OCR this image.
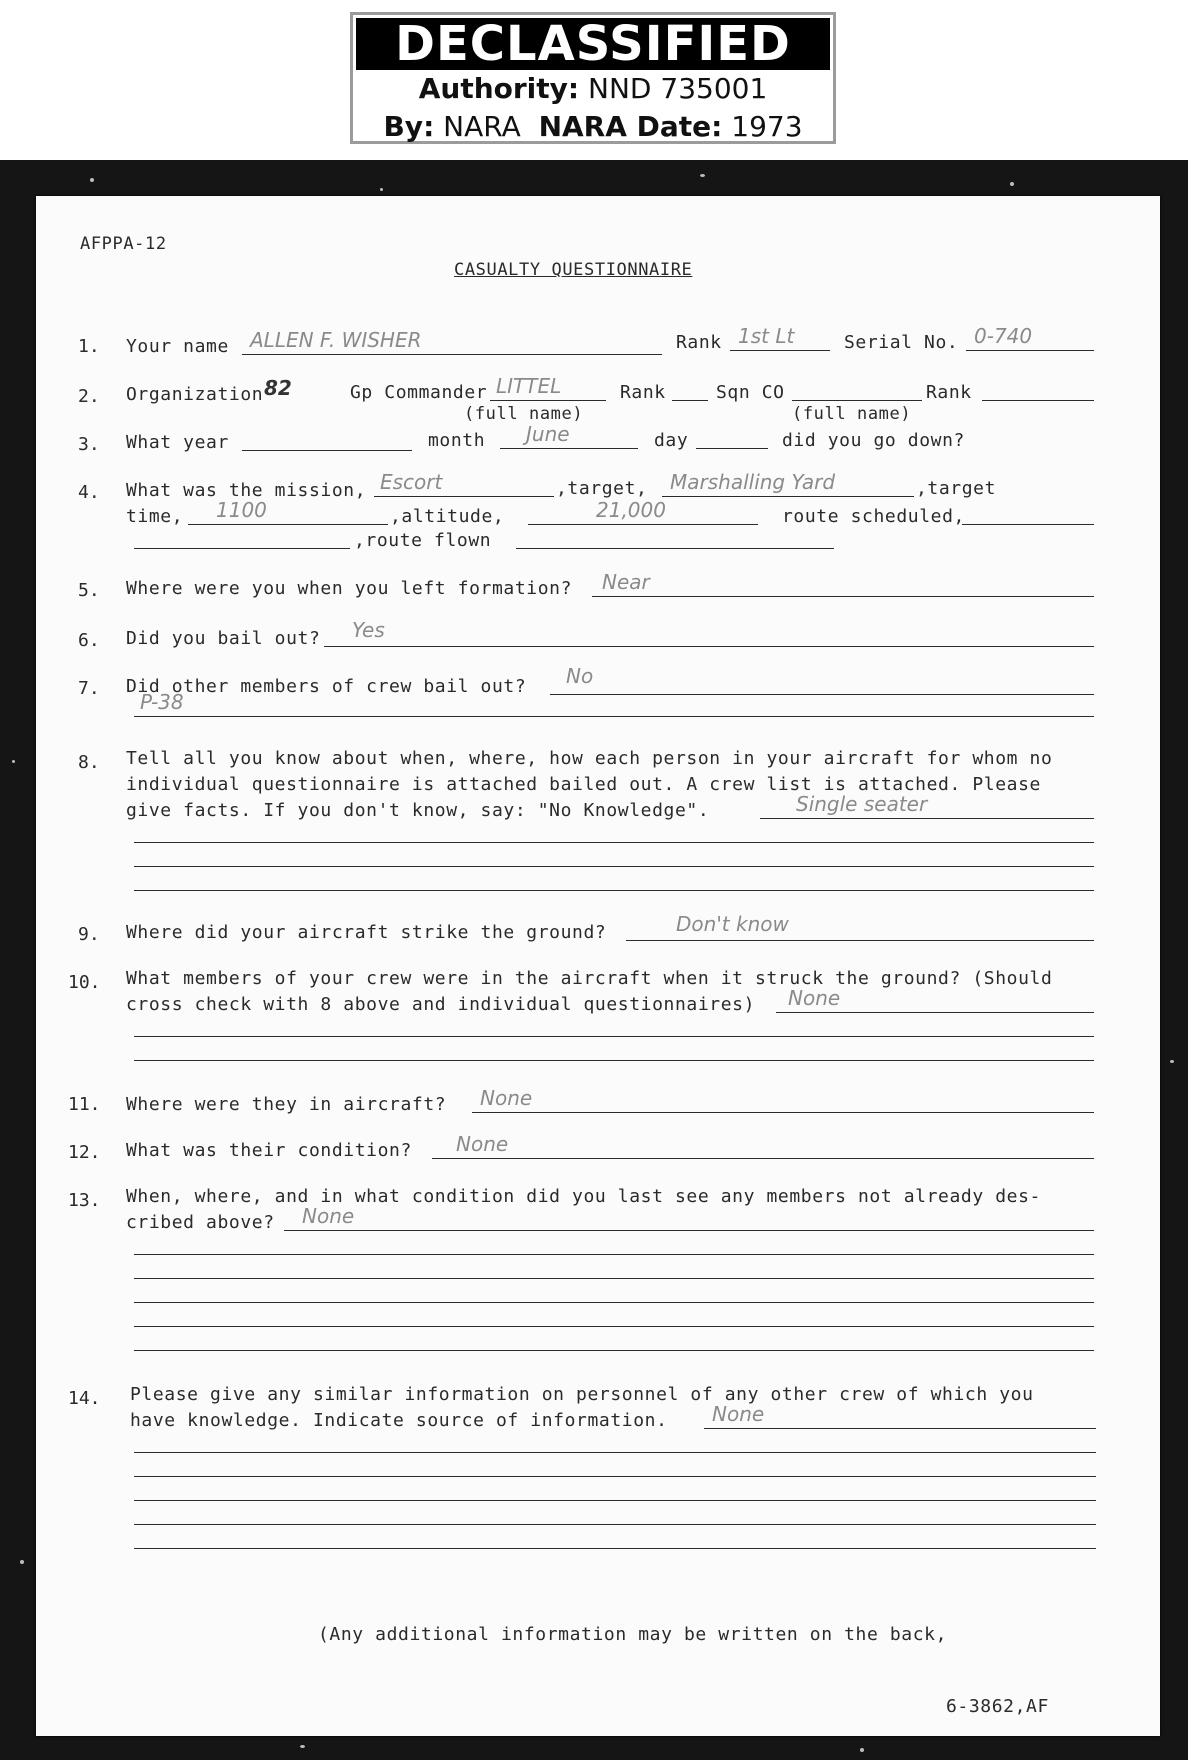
DECLASSIFIED
Authority: NND 735001
By: NARA NARA Date: 1973
AFPPA-12
CASUALTY QUESTIONNAIRE
1. Your name ALLEN F. WISHER	Rank 1st Lt	Serial No. 0-740
2. Organization 82	Gp Commander LITTEL	Rank	Sqn CO	Rank
(full name)	(full name)
3. What year	month June	day	did you go down?
4. What was the mission, Escort	,target, Marshalling Yard	,target
time, 1100	,altitude,	21,000	route scheduled,
,route flown
5. Where were you when you left formation? Near
6. Did you bail out? Yes
7. Did other members of crew bail out? No
P-38
8. Tell all you know about when, where, how each person in your aircraft for whom no
individual questionnaire is attached bailed out. A crew list is attached. Please
give facts. If you don't know, say: "No Knowledge".	Single seater
9. Where did your aircraft strike the ground?	Don't know
10. What members of your crew were in the aircraft when it struck the ground? (Should
cross check with 8 above and individual questionnaires) None
11. Where were they in aircraft? None
12. What was their condition? None
13. When, where, and in what condition did you last see any members not already des-
cribed above? None
14. Please give any similar information on personnel of any other crew of which you
have knowledge. Indicate source of information. None
(Any additional information may be written on the back,
6-3862,AF
